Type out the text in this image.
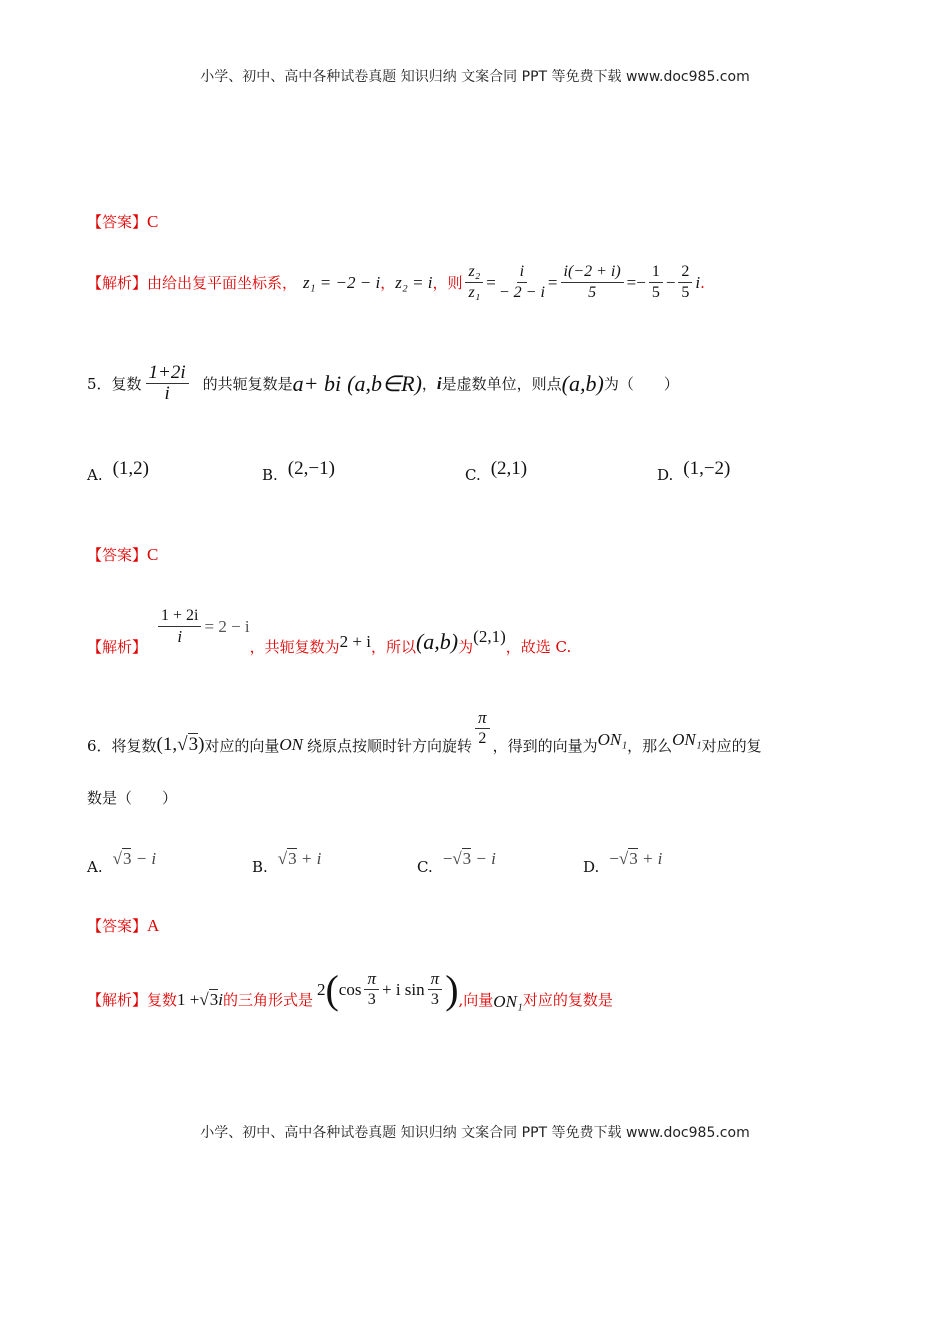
小学、初中、高中各种试卷真题 知识归纳 文案合同 PPT 等免费下载 www.doc985.com
【答案】 C
【解析】 由给出复平面坐标系， z₁ = −2 − i ， z₂ = i ，则 $\frac{\text{z₂}}{\text{z₁}} = \frac{i}{- 2 - i} = \frac{i(-2 + i)}{5}$ = − $\frac{1}{5} - \frac{2}{5}$ i .
5．复数 $\frac{1+2i}{i}$ 的共轭复数是 a+ bi (a,b∈R) ， i 是虚数单位，则点 (a,b) 为（　　）
A. (1,2)	B. (2,−1)	C. (2,1)	D. (1,−2)
【答案】 C
【解析】 $\frac{1 + 2i}{i} = 2 - i$
，共轭复数为 2 + i ，所以 (a,b) 为
(2,1)
，故选 C.
6．将复数 (1, √3 ) 对应的向量 ON 绕原点按顺时针方向旋转 $\frac{\pi}{2}$ ，得到的向量为 ON₁ ，那么 ON₁ 对应的复
数是（　　）
A. √3 − i	B. √3 + i	C. −√3 − i	D. −√3 + i
【答案】 A
【解析】 复数 1 + √3i 的三角形式是
2 ( $\cos \frac{\pi}{3} + i$ $\sin \frac{\pi}{3}$ ) ,向量 ON₁ 对应的复数是
小学、初中、高中各种试卷真题 知识归纳 文案合同 PPT 等免费下载 www.doc985.com
